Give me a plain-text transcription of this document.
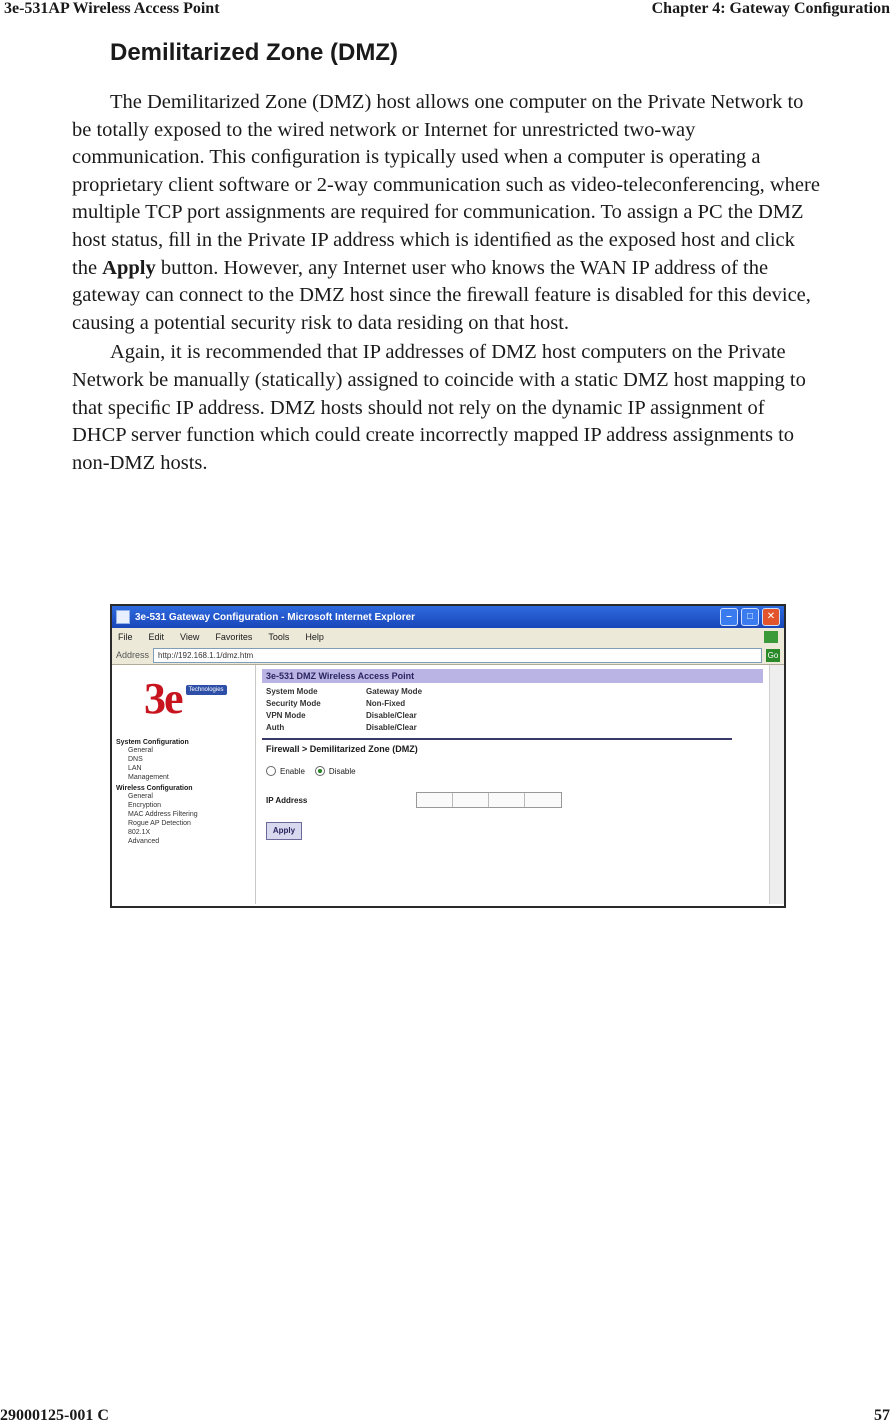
3e-531AP Wireless Access Point	Chapter 4: Gateway Conﬁguration
Demilitarized Zone (DMZ)

The Demilitarized Zone (DMZ) host allows one computer on the Private Network to be totally exposed to the wired network or Internet for unrestricted two-way communication. This conﬁguration is typically used when a computer is operating a proprietary client software or 2-way communication such as video-teleconferencing, where multiple TCP port assignments are required for communication. To assign a PC the DMZ host status, ﬁll in the Private IP address which is identiﬁed as the exposed host and click the Apply button. However, any Internet user who knows the WAN IP address of the gateway can connect to the DMZ host since the ﬁrewall feature is disabled for this device, causing a potential security risk to data residing on that host.

Again, it is recommended that IP addresses of DMZ host computers on the Private Network be manually (statically) assigned to coincide with a static DMZ host mapping to that speciﬁc IP address. DMZ hosts should not rely on the dynamic IP assignment of DHCP server function which could create incorrectly mapped IP address assignments to non-DMZ hosts.

3e-531 Gateway Configuration - Microsoft Internet Explorer	–	□	✕
File Edit View Favorites Tools Help
Address	http://192.168.1.1/dmz.htm	Go
3e	Technologies
System Configuration
General
DNS
LAN
Management
Wireless Configuration
General
Encryption
MAC Address Filtering
Rogue AP Detection
802.1X
Advanced
3e-531 DMZ Wireless Access Point
System Mode	Gateway Mode
Security Mode	Non-Fixed
VPN Mode	Disable/Clear
Auth	Disable/Clear
Firewall > Demilitarized Zone (DMZ)
Enable	Disable
IP Address
Apply
29000125-001 C	57
